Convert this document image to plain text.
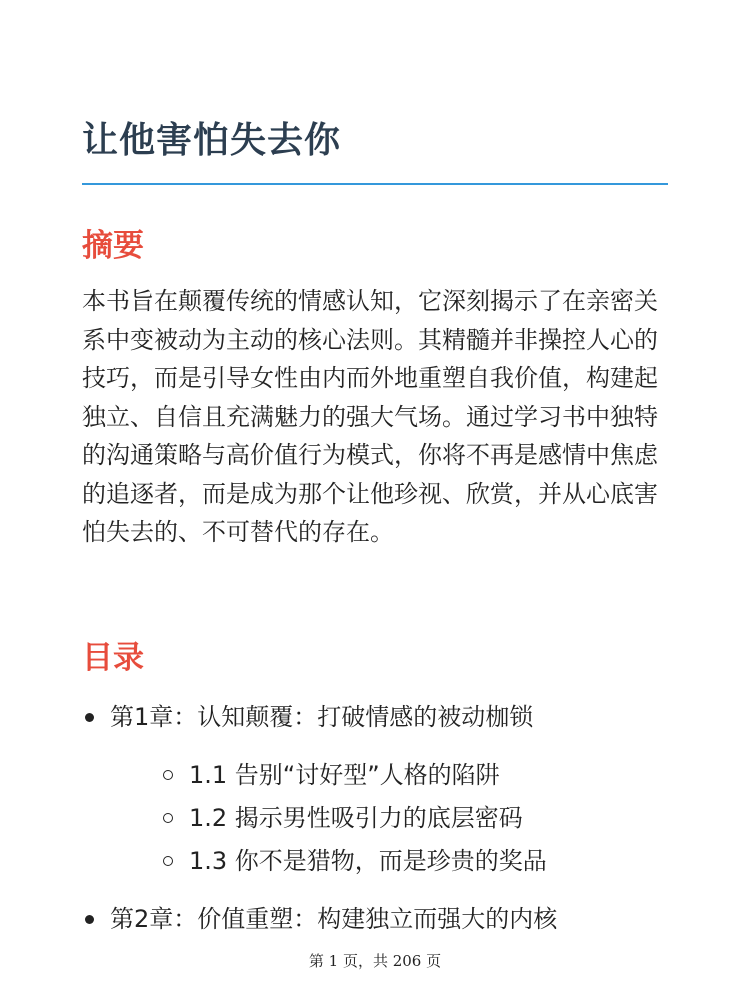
让他害怕失去你
摘要

本书旨在颠覆传统的情感认知，它深刻揭示了在亲密关系中变被动为主动的核心法则。其精髓并非操控人心的技巧，而是引导女性由内而外地重塑自我价值，构建起独立、自信且充满魅力的强大气场。通过学习书中独特的沟通策略与高价值行为模式，你将不再是感情中焦虑的追逐者，而是成为那个让他珍视、欣赏，并从心底害怕失去的、不可替代的存在。

目录
第1章：认知颠覆：打破情感的被动枷锁
1.1 告别“讨好型”人格的陷阱
1.2 揭示男性吸引力的底层密码
1.3 你不是猎物，而是珍贵的奖品
第2章：价值重塑：构建独立而强大的内核
第 1 页，共 206 页
